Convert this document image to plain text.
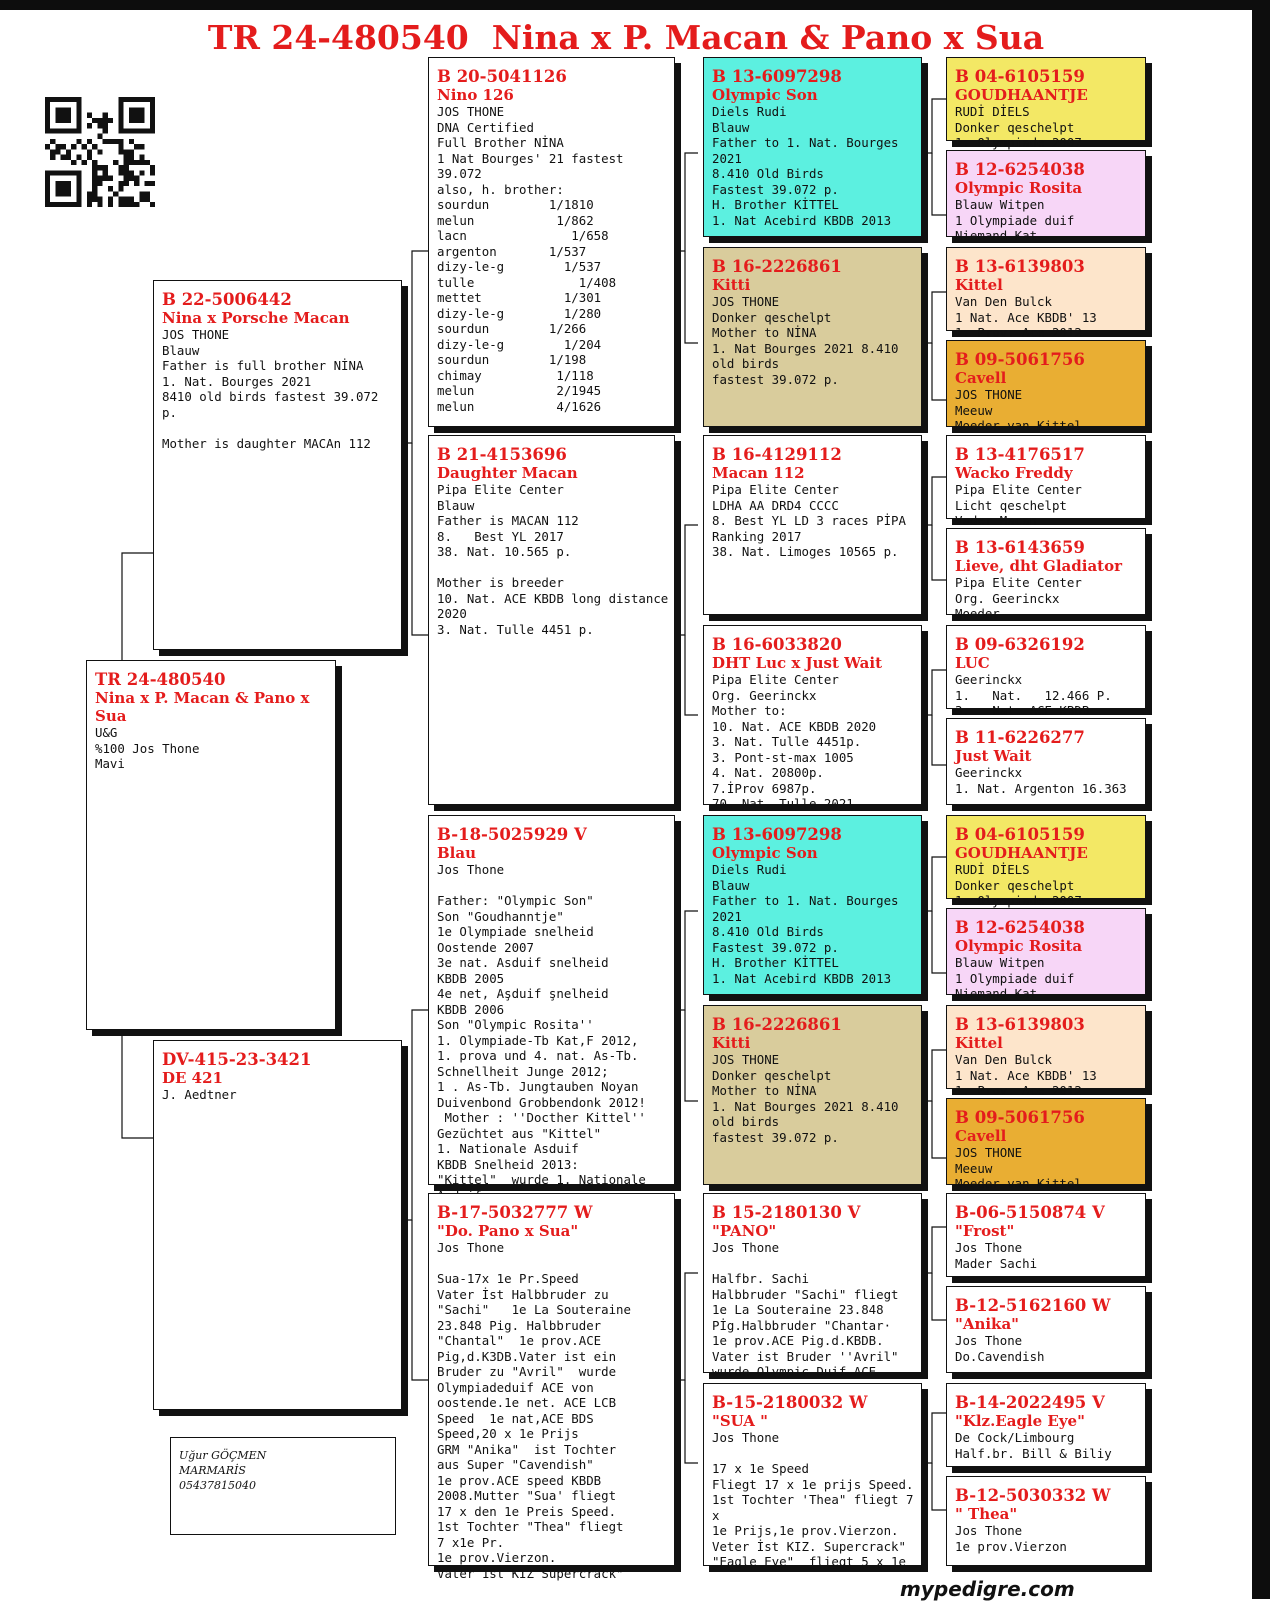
TR 24-480540  Nina x P. Macan & Pano x Sua
TR 24-480540
Nina x P. Macan & Pano x Sua
U&G
%100 Jos Thone
Mavi
B 22-5006442
Nina x Porsche Macan
JOS THONE
Blauw
Father is full brother NİNA
1. Nat. Bourges 2021
8410 old birds fastest 39.072
p.

Mother is daughter MACAn 112
DV-415-23-3421
DE 421
J. Aedtner
B 20-5041126
Nino 126
JOS THONE
DNA Certified
Full Brother NİNA
1 Nat Bourges' 21 fastest
39.072
also, h. brother:
sourdun        1/1810
melun           1/862
lacn              1/658
argenton       1/537
dizy-le-g        1/537
tulle              1/408
mettet           1/301
dizy-le-g        1/280
sourdun        1/266
dizy-le-g        1/204
sourdun        1/198
chimay          1/118
melun           2/1945
melun           4/1626
B 21-4153696
Daughter Macan
Pipa Elite Center
Blauw
Father is MACAN 112
8.   Best YL 2017
38. Nat. 10.565 p.

Mother is breeder
10. Nat. ACE KBDB long distance
2020
3. Nat. Tulle 4451 p.
B-18-5025929 V
Blau
Jos Thone

Father: "Olympic Son"
Son "Goudhanntje"
1e Olympiade snelheid
Oostende 2007
3e nat. Asduif snelheid
KBDB 2005
4e net, Aşduif şnelheid
KBDB 2006
Son "Olympic Rosita''
1. Olympiade-Tb Kat,F 2012,
1. prova und 4. nat. As-Tb.
Schnellheit Junge 2012;
1 . As-Tb. Jungtauben Noyan
Duivenbond Grobbendonk 2012!
Mother : ''Docther Kittel''
Gezüchtet aus "Kittel"
1. Nationale Asduif
KBDB Snelheid 2013:
"Kittel"  wurde 1. Nationale

B-17-5032777 W
"Do. Pano x Sua"
Jos Thone

Sua-17x 1e Pr.Speed
Vater İst Halbbruder zu
"Sachi"   1e La Souteraine
23.848 Pig. Halbbruder
"Chantal"  1e prov.ACE
Pig,d.K3DB.Vater ist ein
Bruder zu "Avril"  wurde
Olympiadeduif ACE von
oostende.1e net. ACE LCB
Speed  1e nat,ACE BDS
Speed,20 x 1e Prijs
GRM "Anika"  ist Tochter
aus Super "Cavendish"
1e prov.ACE speed KBDB
2008.Mutter "Sua' fliegt
17 x den 1e Preis Speed.
1st Tochter "Thea" fliegt
7 x1e Pr.
1e prov.Vierzon.
Vater 1st KIZ Supercrack"
B 13-6097298
Olympic Son
Diels Rudi
Blauw
Father to 1. Nat. Bourges
2021
8.410 Old Birds
Fastest 39.072 p.
H. Brother KİTTEL
1. Nat Acebird KBDB 2013
B 16-2226861
Kitti
JOS THONE
Donker qeschelpt
Mother to NİNA
1. Nat Bourges 2021 8.410
old birds
fastest 39.072 p.
B 16-4129112
Macan 112
Pipa Elite Center
LDHA AA DRD4 CCCC
8. Best YL LD 3 races PİPA
Ranking 2017
38. Nat. Limoges 10565 p.
B 16-6033820
DHT Luc x Just Wait
Pipa Elite Center
Org. Geerinckx
Mother to:
10. Nat. ACE KBDB 2020
3. Nat. Tulle 4451p.
3. Pont-st-max 1005
4. Nat. 20800p.
7.İProv 6987p.
70. Nat. Tulle 2021
B 13-6097298
Olympic Son
Diels Rudi
Blauw
Father to 1. Nat. Bourges
2021
8.410 Old Birds
Fastest 39.072 p.
H. Brother KİTTEL
1. Nat Acebird KBDB 2013
B 16-2226861
Kitti
JOS THONE
Donker qeschelpt
Mother to NİNA
1. Nat Bourges 2021 8.410
old birds
fastest 39.072 p.
B 15-2180130 V
"PANO"
Jos Thone

Halfbr. Sachi
Halbbruder "Sachi" fliegt
1e La Souteraine 23.848
Pİg.Halbbruder "Chantar·
1e prov.ACE Pig.d.KBDB.
Vater ist Bruder ''Avril"
wurde Olympic Duif ACE
B-15-2180032 W
"SUA "
Jos Thone

17 x 1e Speed
Fliegt 17 x 1e prijs Speed.
1st Tochter 'Thea" fliegt 7
x
1e Prijs,1e prov.Vierzon.
Veter İst KIZ. Supercrack"
"Eagle Eye"  fliegt 5 x 1e
B 04-6105159
GOUDHAANTJE
RUDİ DİELS
Donker qeschelpt
1. Olympiade 2007
B 12-6254038
Olympic Rosita
Blauw Witpen
1 Olympiade duif
Niemand Kat
B 13-6139803
Kittel
Van Den Bulck
1 Nat. Ace KBDB' 13
1. Prov. Ace 2012
B 09-5061756
Cavell
JOS THONE
Meeuw
Moeder van Kittel
B 13-4176517
Wacko Freddy
Pipa Elite Center
Licht qeschelpt
Vader Macan
B 13-6143659
Lieve, dht Gladiator
Pipa Elite Center
Org. Geerinckx
Moeder
B 09-6326192
LUC
Geerinckx
1.   Nat.   12.466 P.
3.   Nat. ACE KBDB
B 11-6226277
Just Wait
Geerinckx
1. Nat. Argenton 16.363
B 04-6105159
GOUDHAANTJE
RUDİ DİELS
Donker qeschelpt
1. Olympiade 2007
B 12-6254038
Olympic Rosita
Blauw Witpen
1 Olympiade duif
Niemand Kat
B 13-6139803
Kittel
Van Den Bulck
1 Nat. Ace KBDB' 13
1. Prov. Ace 2012
B 09-5061756
Cavell
JOS THONE
Meeuw
Moeder van Kittel
B-06-5150874 V
"Frost"
Jos Thone
Mader Sachi
B-12-5162160 W
"Anika"
Jos Thone
Do.Cavendish
B-14-2022495 V
"Klz.Eagle Eye"
De Cock/Limbourg
Half.br. Bill & Biliy
B-12-5030332 W
" Thea"
Jos Thone
1e prov.Vierzon
Uğur GÖÇMEN
MARMARİS
05437815040
mypedigre.com
